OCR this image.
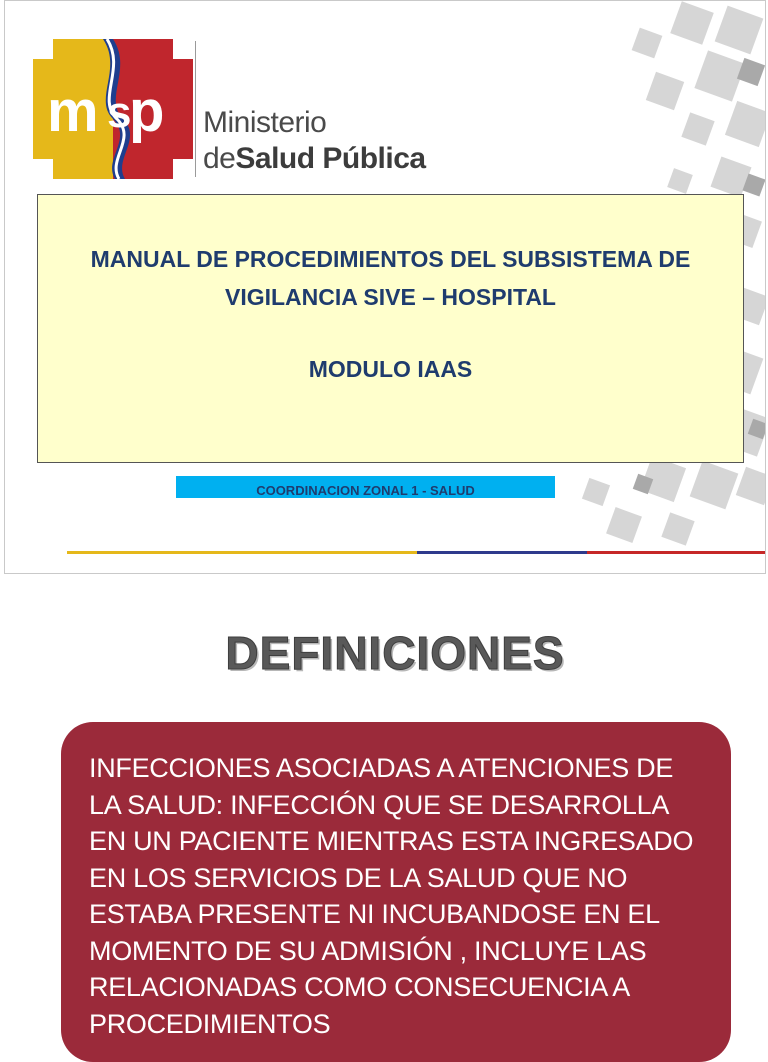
m p
s Ministerio
deSalud Pública
MANUAL DE PROCEDIMIENTOS DEL SUBSISTEMA DE
VIGILANCIA SIVE – HOSPITAL
MODULO IAAS
COORDINACION ZONAL 1 - SALUD
DEFINICIONES
INFECCIONES ASOCIADAS A ATENCIONES DE
LA SALUD: INFECCIÓN QUE SE DESARROLLA
EN UN PACIENTE MIENTRAS ESTA INGRESADO
EN LOS SERVICIOS DE LA SALUD QUE NO
ESTABA PRESENTE NI INCUBANDOSE EN EL
MOMENTO DE SU ADMISIÓN , INCLUYE LAS
RELACIONADAS COMO CONSECUENCIA A
PROCEDIMIENTOS
